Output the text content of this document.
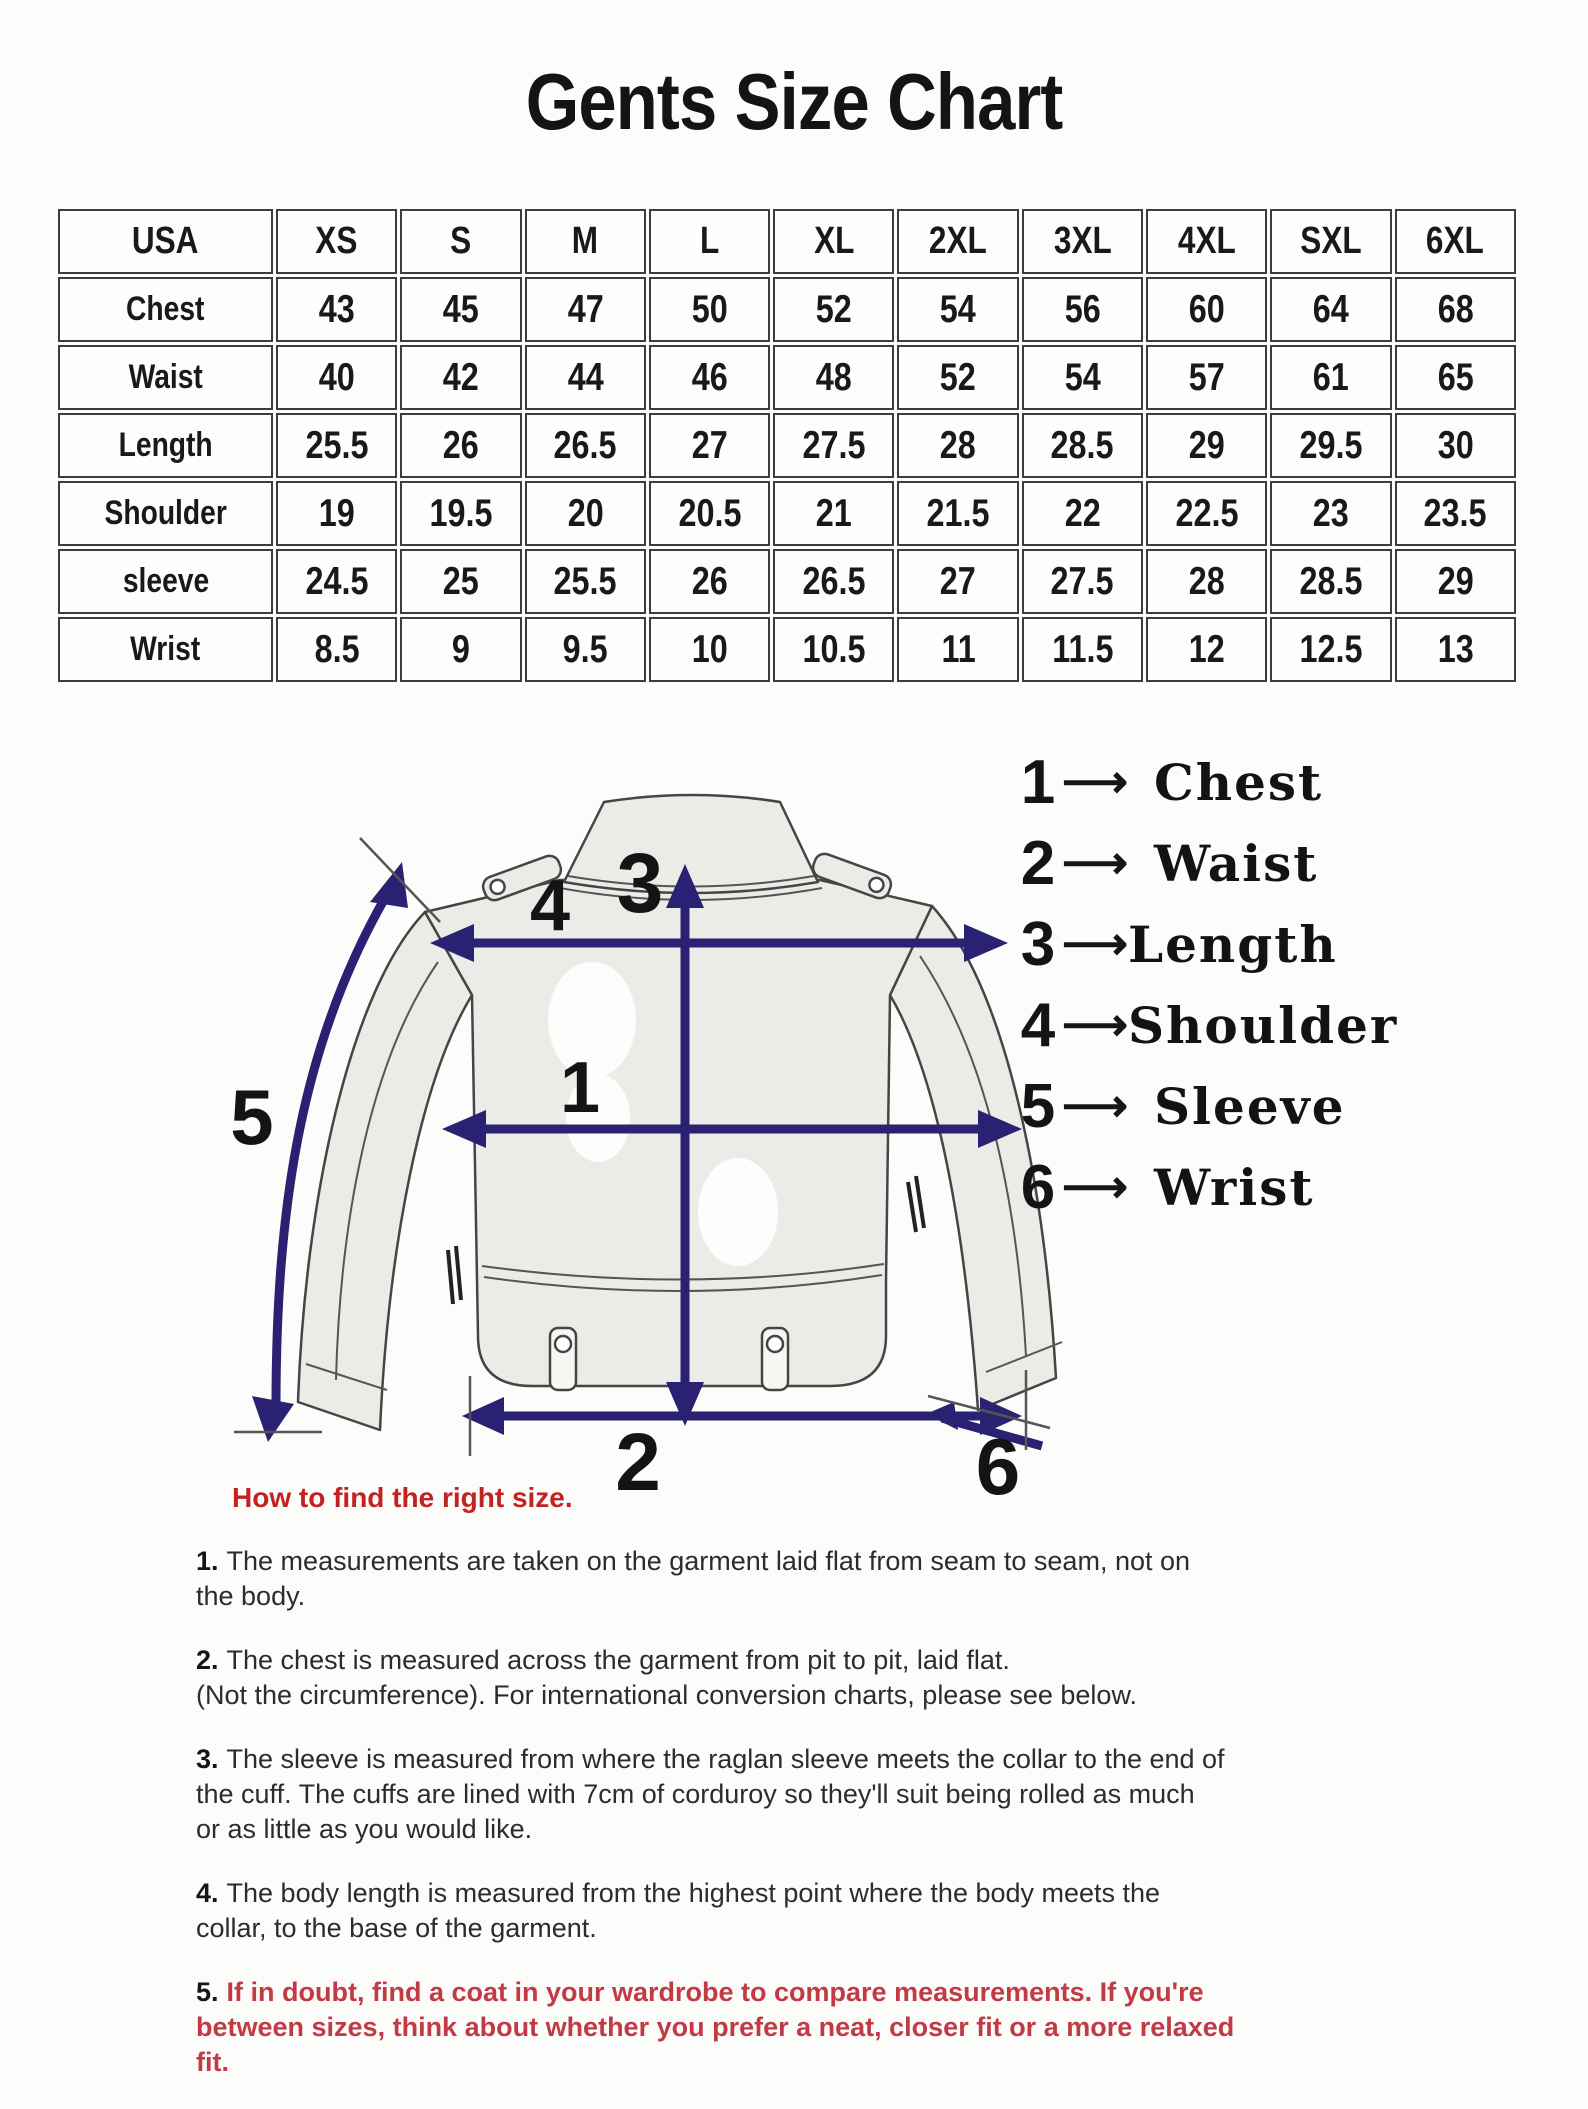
Gents Size Chart
USA	XS	S	M	L	XL	2XL	3XL	4XL	SXL	6XL
Chest	43	45	47	50	52	54	56	60	64	68
Waist	40	42	44	46	48	52	54	57	61	65
Length	25.5	26	26.5	27	27.5	28	28.5	29	29.5	30
Shoulder	19	19.5	20	20.5	21	21.5	22	22.5	23	23.5
sleeve	24.5	25	25.5	26	26.5	27	27.5	28	28.5	29
Wrist	8.5	9	9.5	10	10.5	11	11.5	12	12.5	13
3
4
1
5
2	6
1 ⟶ Chest
2 ⟶ Waist
3 ⟶ Length
4 ⟶ Shoulder
5 ⟶ Sleeve
6 ⟶ Wrist

How to find the right size.

1. The measurements are taken on the garment laid flat from seam to seam, not on
the body.

2. The chest is measured across the garment from pit to pit, laid flat.
(Not the circumference). For international conversion charts, please see below.

3. The sleeve is measured from where the raglan sleeve meets the collar to the end of
the cuff. The cuffs are lined with 7cm of corduroy so they'll suit being rolled as much
or as little as you would like.

4. The body length is measured from the highest point where the body meets the
collar, to the base of the garment.

5. If in doubt, find a coat in your wardrobe to compare measurements. If you're
between sizes, think about whether you prefer a neat, closer fit or a more relaxed fit.
